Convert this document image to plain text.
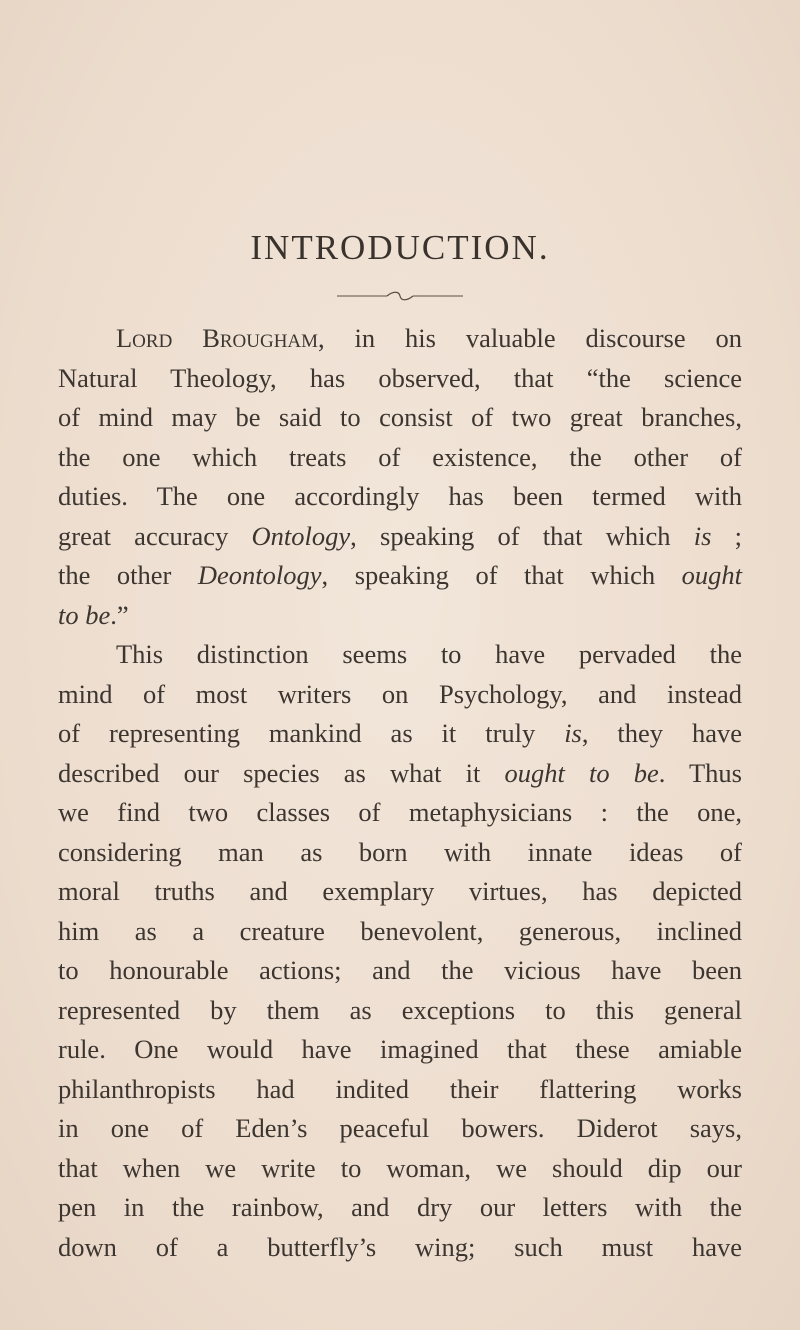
INTRODUCTION.
Lord Brougham, in his valuable discourse on
Natural Theology, has observed, that “the science
of mind may be said to consist of two great branches,
the one which treats of existence, the other of
duties. The one accordingly has been termed with
great accuracy Ontology, speaking of that which is ;
the other Deontology, speaking of that which ought
to be.”
This distinction seems to have pervaded the
mind of most writers on Psychology, and instead
of representing mankind as it truly is, they have
described our species as what it ought to be. Thus
we find two classes of metaphysicians : the one,
considering man as born with innate ideas of
moral truths and exemplary virtues, has depicted
him as a creature benevolent, generous, inclined
to honourable actions; and the vicious have been
represented by them as exceptions to this general
rule. One would have imagined that these amiable
philanthropists had indited their flattering works
in one of Eden’s peaceful bowers. Diderot says,
that when we write to woman, we should dip our
pen in the rainbow, and dry our letters with the
down of a butterfly’s wing; such must have
